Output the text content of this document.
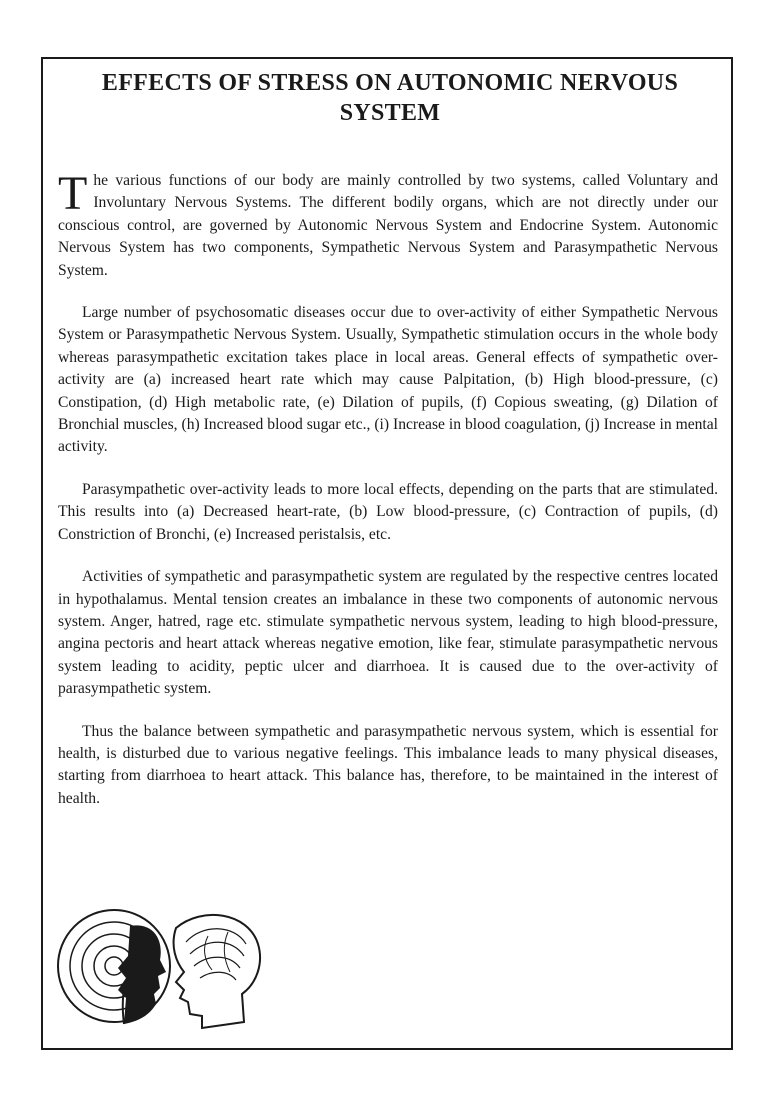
EFFECTS OF STRESS ON AUTONOMIC NERVOUS
SYSTEM

The various functions of our body are mainly controlled by two systems, called Voluntary and Involuntary Nervous Systems. The different bodily organs, which are not directly under our conscious control, are governed by Autonomic Nervous System and Endocrine System. Autonomic Nervous System has two components, Sympathetic Nervous System and Parasympathetic Nervous System.

Large number of psychosomatic diseases occur due to over-activity of either Sympathetic Nervous System or Parasympathetic Nervous System. Usually, Sympathetic stimulation occurs in the whole body whereas parasympathetic excitation takes place in local areas. General effects of sympathetic over-activity are (a) increased heart rate which may cause Palpitation, (b) High blood-pressure, (c) Constipation, (d) High metabolic rate, (e) Dilation of pupils, (f) Copious sweating, (g) Dilation of Bronchial muscles, (h) Increased blood sugar etc., (i) Increase in blood coagulation, (j) Increase in mental activity.

Parasympathetic over-activity leads to more local effects, depending on the parts that are stimulated. This results into (a) Decreased heart-rate, (b) Low blood-pressure, (c) Contraction of pupils, (d) Constriction of Bronchi, (e) Increased peristalsis, etc.

Activities of sympathetic and parasympathetic system are regulated by the respective centres located in hypothalamus. Mental tension creates an imbalance in these two components of autonomic nervous system. Anger, hatred, rage etc. stimulate sympathetic nervous system, leading to high blood-pressure, angina pectoris and heart attack whereas negative emotion, like fear, stimulate parasympathetic nervous system leading to acidity, peptic ulcer and diarrhoea. It is caused due to the over-activity of parasympathetic system.

Thus the balance between sympathetic and parasympathetic nervous system, which is essential for health, is disturbed due to various negative feelings. This imbalance leads to many physical diseases, starting from diarrhoea to heart attack. This balance has, therefore, to be maintained in the interest of health.
